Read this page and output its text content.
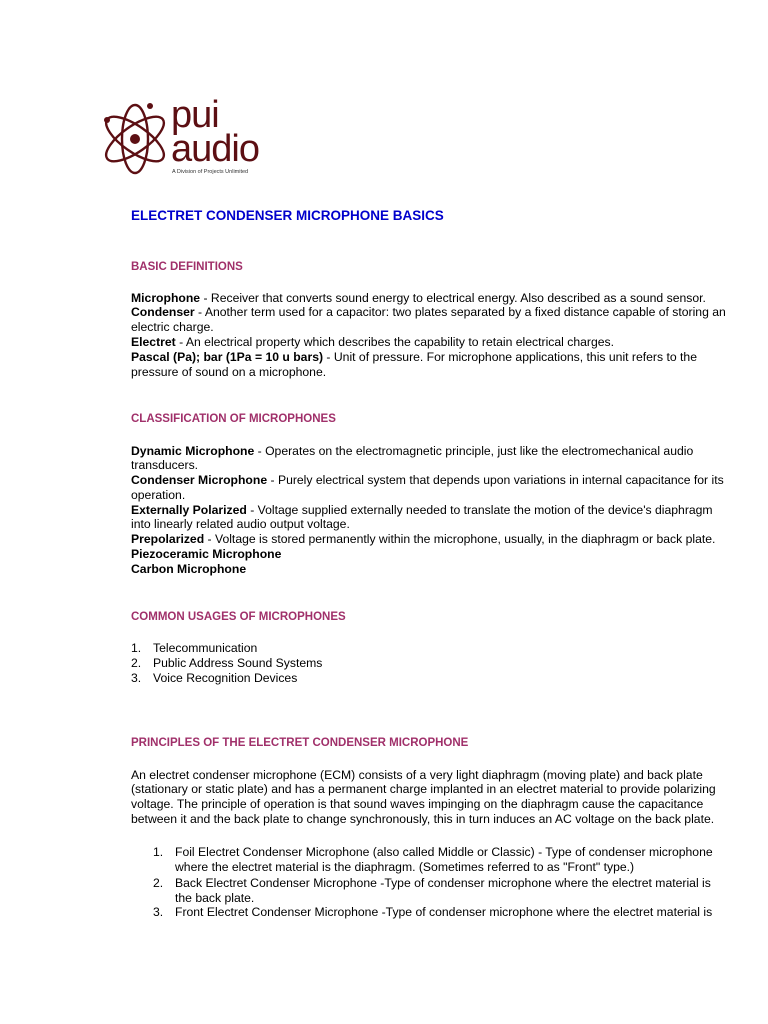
pui
audio
A Division of Projects Unlimited
ELECTRET CONDENSER MICROPHONE BASICS
BASIC DEFINITIONS
Microphone - Receiver that converts sound energy to electrical energy. Also described as a sound sensor.
Condenser - Another term used for a capacitor: two plates separated by a fixed distance capable of storing an
electric charge.
Electret - An electrical property which describes the capability to retain electrical charges.
Pascal (Pa); bar (1Pa = 10 u bars) - Unit of pressure. For microphone applications, this unit refers to the
pressure of sound on a microphone.
CLASSIFICATION OF MICROPHONES
Dynamic Microphone - Operates on the electromagnetic principle, just like the electromechanical audio
transducers.
Condenser Microphone - Purely electrical system that depends upon variations in internal capacitance for its
operation.
Externally Polarized - Voltage supplied externally needed to translate the motion of the device's diaphragm
into linearly related audio output voltage.
Prepolarized - Voltage is stored permanently within the microphone, usually, in the diaphragm or back plate.
Piezoceramic Microphone
Carbon Microphone
COMMON USAGES OF MICROPHONES
1. Telecommunication
2. Public Address Sound Systems
3. Voice Recognition Devices
PRINCIPLES OF THE ELECTRET CONDENSER MICROPHONE
An electret condenser microphone (ECM) consists of a very light diaphragm (moving plate) and back plate
(stationary or static plate) and has a permanent charge implanted in an electret material to provide polarizing
voltage. The principle of operation is that sound waves impinging on the diaphragm cause the capacitance
between it and the back plate to change synchronously, this in turn induces an AC voltage on the back plate.
1. Foil Electret Condenser Microphone (also called Middle or Classic) - Type of condenser microphone
where the electret material is the diaphragm. (Sometimes referred to as "Front" type.)
2. Back Electret Condenser Microphone -Type of condenser microphone where the electret material is
the back plate.
3. Front Electret Condenser Microphone -Type of condenser microphone where the electret material is
